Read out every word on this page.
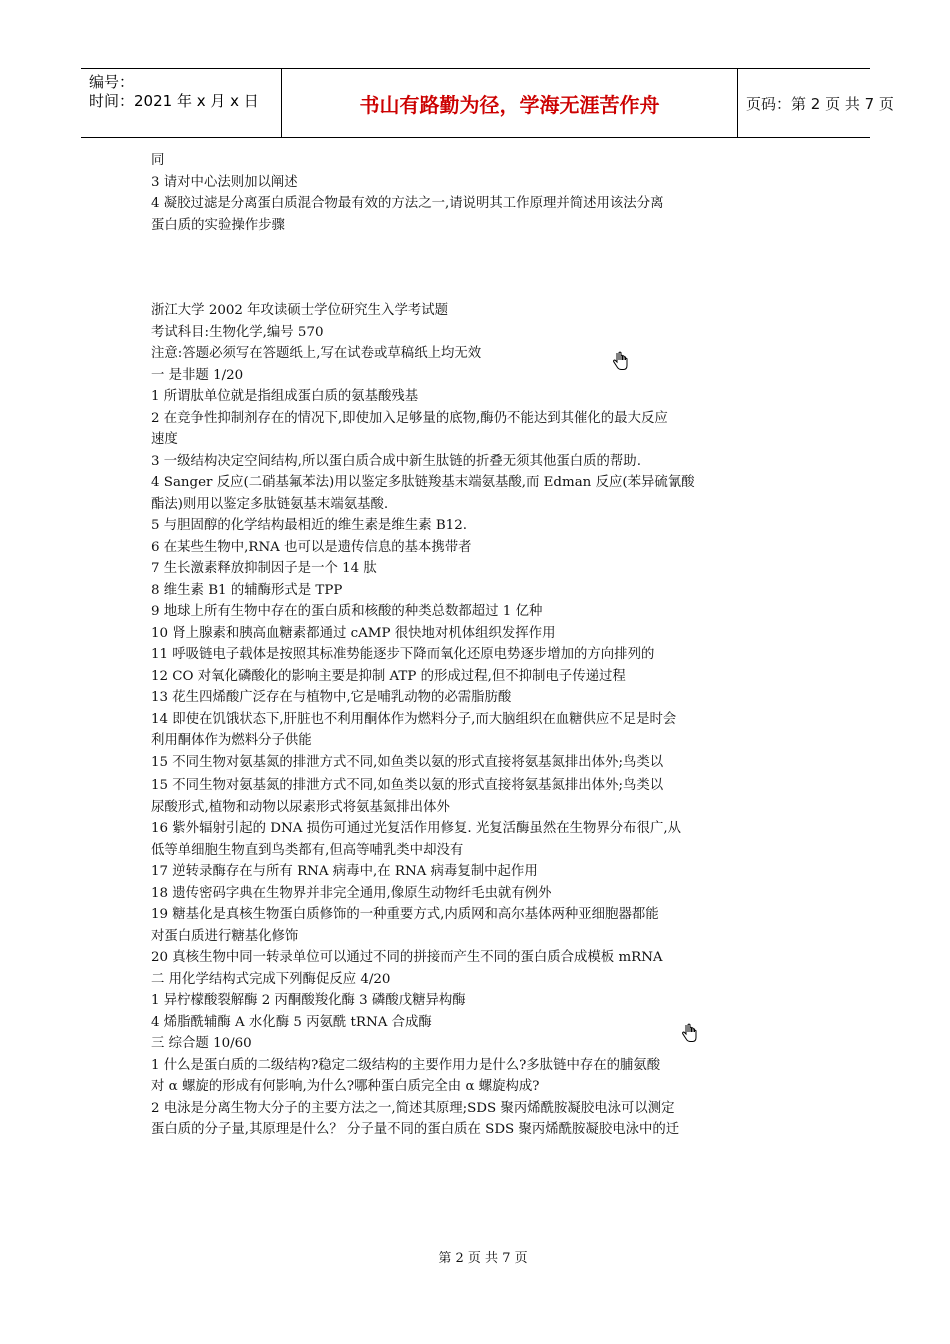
编号：
时间：2021 年 x 月 x 日	书山有路勤为径，学海无涯苦作舟	页码：第 2 页 共 7 页
同
3 请对中心法则加以阐述
4 凝胶过滤是分离蛋白质混合物最有效的方法之一,请说明其工作原理并简述用该法分离
蛋白质的实验操作步骤
浙江大学 2002 年攻读硕士学位研究生入学考试题
考试科目:生物化学,编号 570
注意:答题必须写在答题纸上,写在试卷或草稿纸上均无效
一 是非题 1/20
1 所谓肽单位就是指组成蛋白质的氨基酸残基
2 在竞争性抑制剂存在的情况下,即使加入足够量的底物,酶仍不能达到其催化的最大反应
速度
3 一级结构决定空间结构,所以蛋白质合成中新生肽链的折叠无须其他蛋白质的帮助.
4 Sanger 反应(二硝基氟苯法)用以鉴定多肽链羧基末端氨基酸,而 Edman 反应(苯异硫氰酸
酯法)则用以鉴定多肽链氨基末端氨基酸.
5 与胆固醇的化学结构最相近的维生素是维生素 B12.
6 在某些生物中,RNA 也可以是遗传信息的基本携带者
7 生长激素释放抑制因子是一个 14 肽
8 维生素 B1 的辅酶形式是 TPP
9 地球上所有生物中存在的蛋白质和核酸的种类总数都超过 1 亿种
10 肾上腺素和胰高血糖素都通过 cAMP 很快地对机体组织发挥作用
11 呼吸链电子载体是按照其标准势能逐步下降而氧化还原电势逐步增加的方向排列的
12 CO 对氧化磷酸化的影响主要是抑制 ATP 的形成过程,但不抑制电子传递过程
13 花生四烯酸广泛存在与植物中,它是哺乳动物的必需脂肪酸
14 即使在饥饿状态下,肝脏也不利用酮体作为燃料分子,而大脑组织在血糖供应不足是时会
利用酮体作为燃料分子供能
15 不同生物对氨基氮的排泄方式不同,如鱼类以氨的形式直接将氨基氮排出体外;鸟类以
15 不同生物对氨基氮的排泄方式不同,如鱼类以氨的形式直接将氨基氮排出体外;鸟类以
尿酸形式,植物和动物以尿素形式将氨基氮排出体外
16 紫外辐射引起的 DNA 损伤可通过光复活作用修复. 光复活酶虽然在生物界分布很广,从
低等单细胞生物直到鸟类都有,但高等哺乳类中却没有
17 逆转录酶存在与所有 RNA 病毒中,在 RNA 病毒复制中起作用
18 遗传密码字典在生物界并非完全通用,像原生动物纤毛虫就有例外
19 糖基化是真核生物蛋白质修饰的一种重要方式,内质网和高尔基体两种亚细胞器都能
对蛋白质进行糖基化修饰
20 真核生物中同一转录单位可以通过不同的拼接而产生不同的蛋白质合成模板 mRNA
二 用化学结构式完成下列酶促反应 4/20
1 异柠檬酸裂解酶 2 丙酮酸羧化酶 3 磷酸戊糖异构酶
4 烯脂酰辅酶 A 水化酶 5 丙氨酰 tRNA 合成酶
三 综合题 10/60
1 什么是蛋白质的二级结构?稳定二级结构的主要作用力是什么?多肽链中存在的脯氨酸
对 α 螺旋的形成有何影响,为什么?哪种蛋白质完全由 α 螺旋构成?
2 电泳是分离生物大分子的主要方法之一,简述其原理;SDS 聚丙烯酰胺凝胶电泳可以测定
蛋白质的分子量,其原理是什么？ 分子量不同的蛋白质在 SDS 聚丙烯酰胺凝胶电泳中的迁
第 2 页 共 7 页
